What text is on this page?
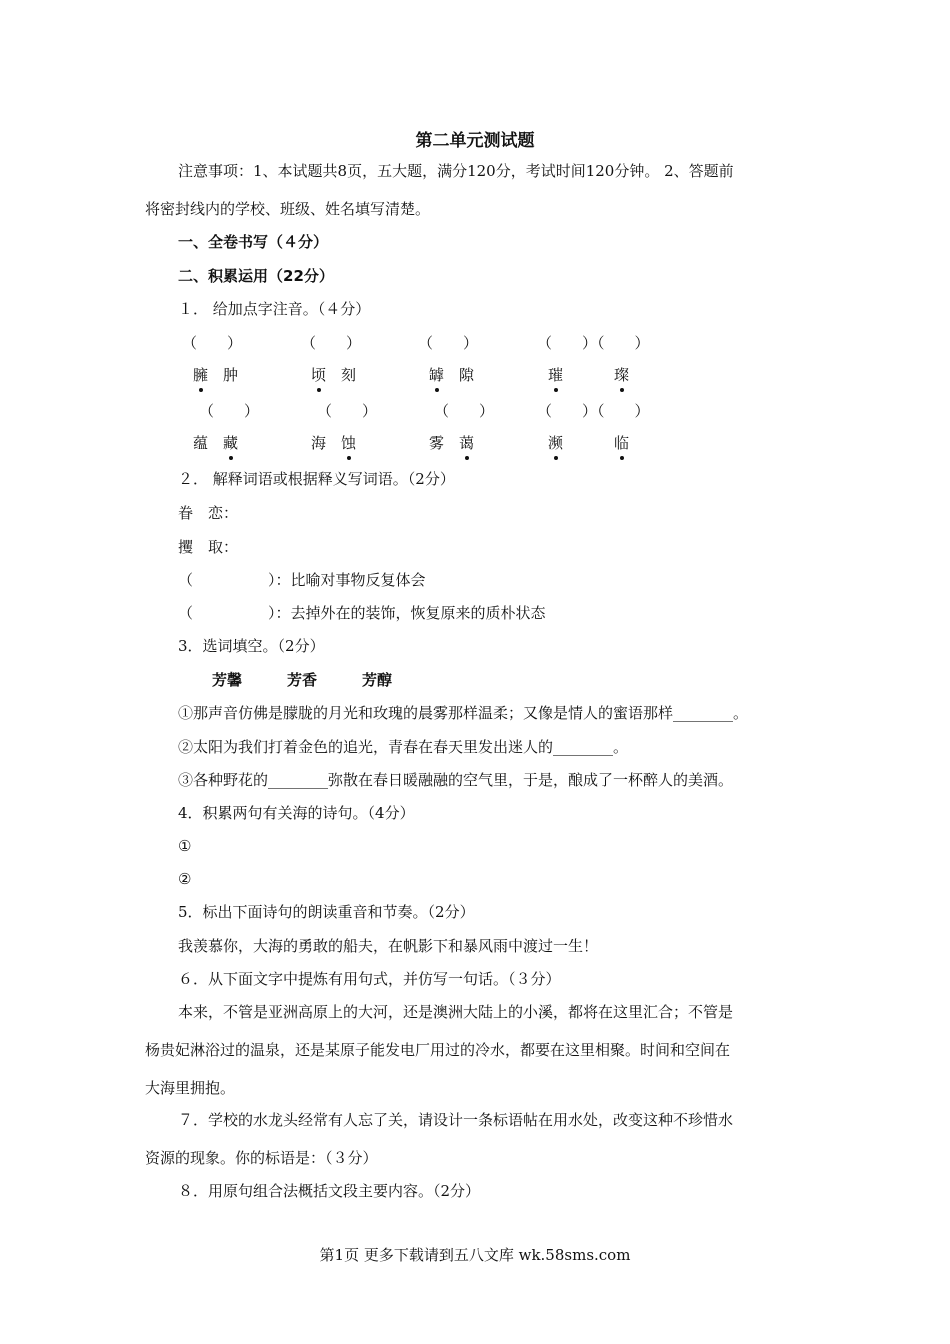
第二单元测试题
注意事项：1、本试题共8页，五大题，满分120分，考试时间120分钟。 2、答题前
将密封线内的学校、班级、姓名填写清楚。
一、全卷书写（４分）
二、积累运用（22分）
１． 给加点字注音。（４分）
（　　）	（　　）	（　　）	（　　）（　　）
臃　 肿	顷　 刻	罅　 隙	璀	璨
（　　）	（　　）	（　　）	（　　）（　　）
蕴　 藏	海　 蚀	雾　 蔼	濒	临
２． 解释词语或根据释义写词语。（2分）
眷　恋：
攫　取：
（　　　　　）：比喻对事物反复体会
（　　　　　）：去掉外在的装饰，恢复原来的质朴状态
3．选词填空。（2分）
芳馨　　　芳香　　　芳醇
①那声音仿佛是朦胧的月光和玫瑰的晨雾那样温柔；又像是情人的蜜语那样________。
②太阳为我们打着金色的追光，青春在春天里发出迷人的________。
③各种野花的________弥散在春日暖融融的空气里，于是，酿成了一杯醉人的美酒。
4．积累两句有关海的诗句。（4分）
①
②
5．标出下面诗句的朗读重音和节奏。（2分）
我羡慕你，大海的勇敢的船夫，在帆影下和暴风雨中渡过一生！
６．从下面文字中提炼有用句式，并仿写一句话。（３分）
本来，不管是亚洲高原上的大河，还是澳洲大陆上的小溪，都将在这里汇合；不管是
杨贵妃淋浴过的温泉，还是某原子能发电厂用过的冷水，都要在这里相聚。时间和空间在
大海里拥抱。
７．学校的水龙头经常有人忘了关，请设计一条标语帖在用水处，改变这种不珍惜水
资源的现象。你的标语是：（３分）
８．用原句组合法概括文段主要内容。（2分）
第1页 更多下载请到五八文库 wk.58sms.com
